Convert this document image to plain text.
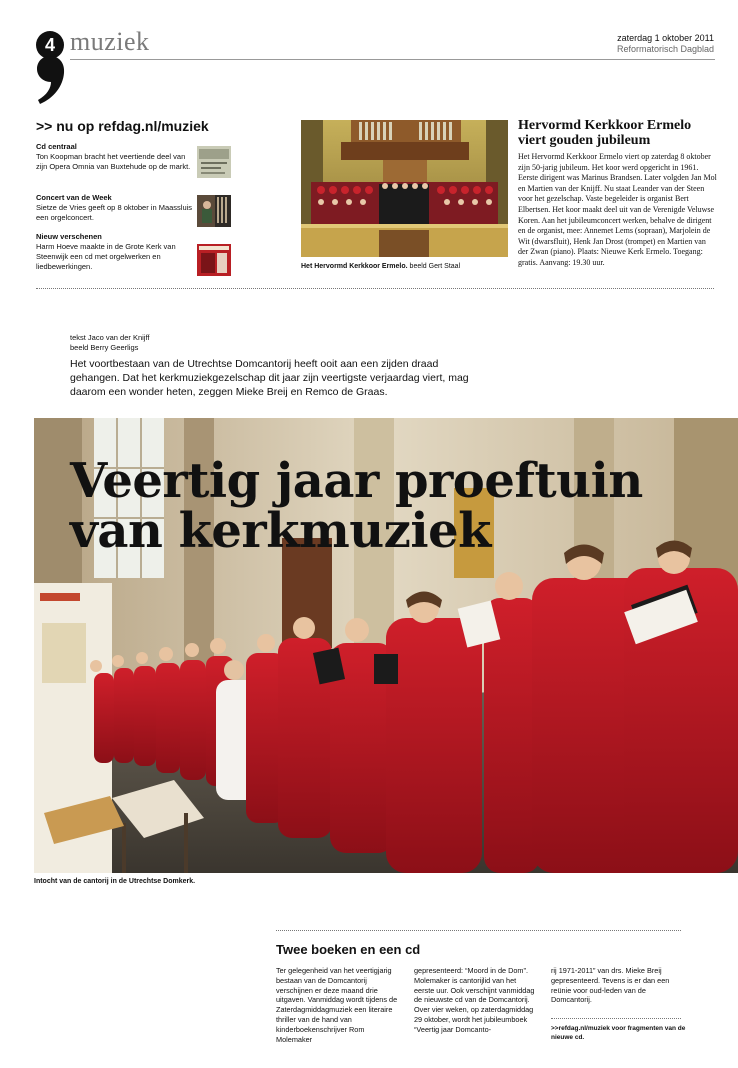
4 muziek	zaterdag 1 oktober 2011
Reformatorisch Dagblad
>> nu op refdag.nl/muziek
Cd centraal
Ton Koopman bracht het veertiende deel van zijn Opera Omnia van Buxtehude op de markt.
Concert van de Week
Sietze de Vries geeft op 8 oktober in Maassluis een orgelconcert.
Nieuw verschenen
Harm Hoeve maakte in de Grote Kerk van Steenwijk een cd met orgelwerken en liedbewerkingen.	Het Hervormd Kerkkoor Ermelo. beeld Gert Staal
Hervormd Kerkkoor Ermelo viert gouden jubileum
Het Hervormd Kerkkoor Ermelo viert op zaterdag 8 oktober zijn 50-jarig jubileum. Het koor werd opgericht in 1961. Eerste dirigent was Marinus Brandsen. Later volgden Jan Mol en Martien van der Knijff. Nu staat Leander van der Steen voor het gezelschap. Vaste begeleider is organist Bert Elbertsen. Het koor maakt deel uit van de Verenigde Veluwse Koren. Aan het jubileumconcert werken, behalve de dirigent en de organist, mee: Annemet Lems (sopraan), Marjolein de Wit (dwarsfluit), Henk Jan Drost (trompet) en Martien van der Zwan (piano). Plaats: Nieuwe Kerk Ermelo. Toegang: gratis. Aanvang: 19.30 uur.
tekst Jaco van der Knijff
beeld Berry Geerligs
Het voortbestaan van de Utrechtse Domcantorij heeft ooit aan een zijden draad gehangen. Dat het kerkmuziekgezelschap dit jaar zijn veertigste verjaardag viert, mag daarom een wonder heten, zeggen Mieke Breij en Remco de Graas.
Veertig jaar proeftuin
van kerkmuziek
Intocht van de cantorij in de Utrechtse Domkerk.
Twee boeken en een cd
Ter gelegenheid van het veertigjarig bestaan van de Domcantorij verschijnen er deze maand drie uitgaven. Vanmiddag wordt tijdens de Zaterdagmiddagmuziek een literaire thriller van de hand van kinderboekenschrijver Rom Molemaker
gepresenteerd: “Moord in de Dom”. Molemaker is cantorijlid van het eerste uur. Ook verschijnt vanmiddag de nieuwste cd van de Domcantorij. Over vier weken, op zaterdagmiddag 29 oktober, wordt het jubileumboek “Veertig jaar Domcanto-
rij 1971-2011” van drs. Mieke Breij gepresenteerd. Tevens is er dan een reünie voor oud-leden van de Domcantorij.
>>refdag.nl/muziek voor fragmenten van de nieuwe cd.
